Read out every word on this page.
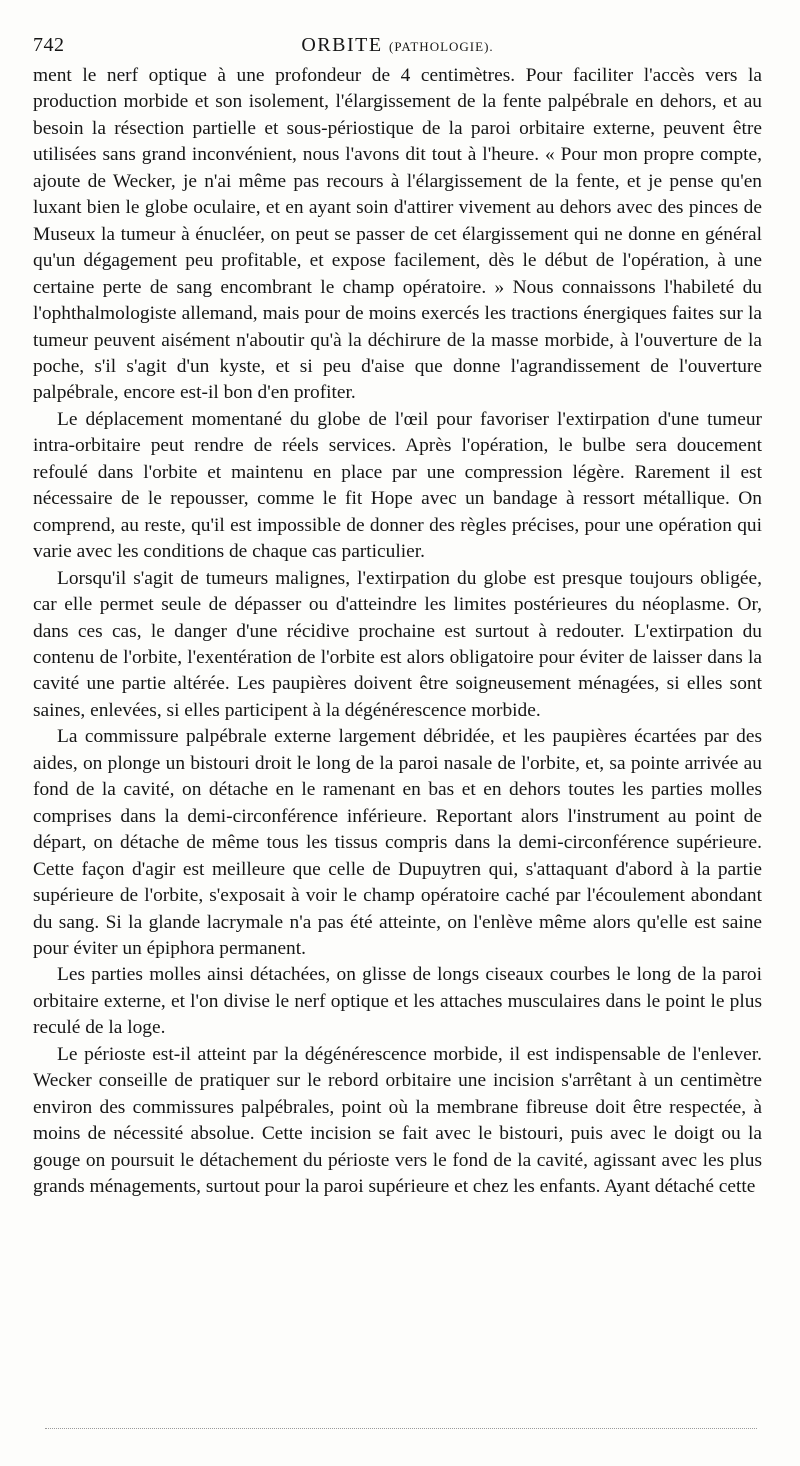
742	ORBITE (PATHOLOGIE).

ment le nerf optique à une profondeur de 4 centimètres. Pour faciliter l'accès vers la production morbide et son isolement, l'élargissement de la fente palpébrale en dehors, et au besoin la résection partielle et sous-périostique de la paroi orbitaire externe, peuvent être utilisées sans grand inconvénient, nous l'avons dit tout à l'heure. « Pour mon propre compte, ajoute de Wecker, je n'ai même pas recours à l'élargissement de la fente, et je pense qu'en luxant bien le globe oculaire, et en ayant soin d'attirer vivement au dehors avec des pinces de Museux la tumeur à énucléer, on peut se passer de cet élargissement qui ne donne en général qu'un dégagement peu profitable, et expose facilement, dès le début de l'opération, à une certaine perte de sang encombrant le champ opératoire. » Nous connaissons l'habileté du l'ophthalmologiste allemand, mais pour de moins exercés les tractions énergiques faites sur la tumeur peuvent aisément n'aboutir qu'à la déchirure de la masse morbide, à l'ouverture de la poche, s'il s'agit d'un kyste, et si peu d'aise que donne l'agrandissement de l'ouverture palpébrale, encore est-il bon d'en profiter.

Le déplacement momentané du globe de l'œil pour favoriser l'extirpation d'une tumeur intra-orbitaire peut rendre de réels services. Après l'opération, le bulbe sera doucement refoulé dans l'orbite et maintenu en place par une compression légère. Rarement il est nécessaire de le repousser, comme le fit Hope avec un bandage à ressort métallique. On comprend, au reste, qu'il est impossible de donner des règles précises, pour une opération qui varie avec les conditions de chaque cas particulier.

Lorsqu'il s'agit de tumeurs malignes, l'extirpation du globe est presque toujours obligée, car elle permet seule de dépasser ou d'atteindre les limites postérieures du néoplasme. Or, dans ces cas, le danger d'une récidive prochaine est surtout à redouter. L'extirpation du contenu de l'orbite, l'exentération de l'orbite est alors obligatoire pour éviter de laisser dans la cavité une partie altérée. Les paupières doivent être soigneusement ménagées, si elles sont saines, enlevées, si elles participent à la dégénérescence morbide.

La commissure palpébrale externe largement débridée, et les paupières écartées par des aides, on plonge un bistouri droit le long de la paroi nasale de l'orbite, et, sa pointe arrivée au fond de la cavité, on détache en le ramenant en bas et en dehors toutes les parties molles comprises dans la demi-circonférence inférieure. Reportant alors l'instrument au point de départ, on détache de même tous les tissus compris dans la demi-circonférence supérieure. Cette façon d'agir est meilleure que celle de Dupuytren qui, s'attaquant d'abord à la partie supérieure de l'orbite, s'exposait à voir le champ opératoire caché par l'écoulement abondant du sang. Si la glande lacrymale n'a pas été atteinte, on l'enlève même alors qu'elle est saine pour éviter un épiphora permanent.

Les parties molles ainsi détachées, on glisse de longs ciseaux courbes le long de la paroi orbitaire externe, et l'on divise le nerf optique et les attaches musculaires dans le point le plus reculé de la loge.

Le périoste est-il atteint par la dégénérescence morbide, il est indispensable de l'enlever. Wecker conseille de pratiquer sur le rebord orbitaire une incision s'arrêtant à un centimètre environ des commissures palpébrales, point où la membrane fibreuse doit être respectée, à moins de nécessité absolue. Cette incision se fait avec le bistouri, puis avec le doigt ou la gouge on poursuit le détachement du périoste vers le fond de la cavité, agissant avec les plus grands ménagements, surtout pour la paroi supérieure et chez les enfants. Ayant détaché cette
